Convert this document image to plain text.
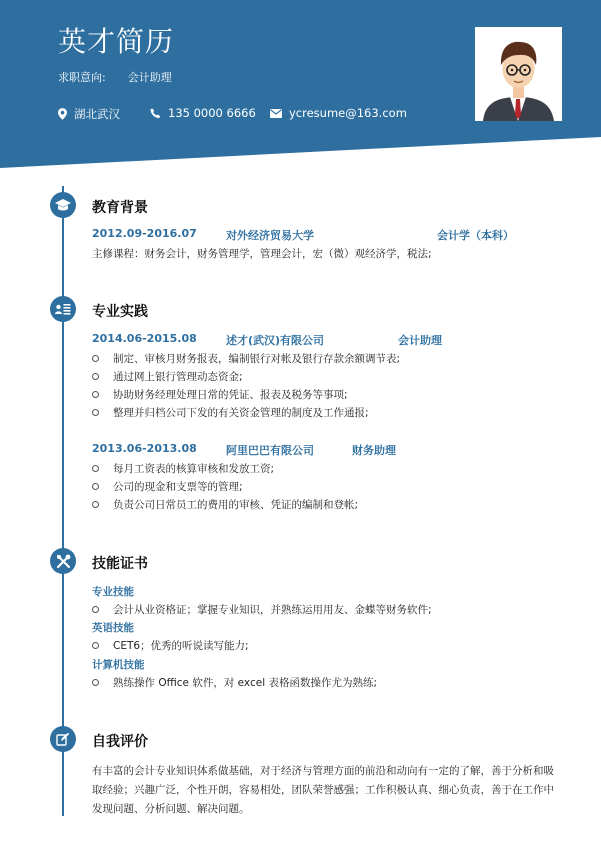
英才简历
求职意向: 会计助理
湖北武汉	135 0000 6666	ycresume@163.com
教育背景
2012.09-2016.07	对外经济贸易大学	会计学（本科）
主修课程：财务会计，财务管理学，管理会计，宏（微）观经济学，税法;
专业实践
2014.06-2015.08	述才(武汉)有限公司	会计助理
制定、审核月财务报表，编制银行对帐及银行存款余额调节表;
通过网上银行管理动态资金;
协助财务经理处理日常的凭证、报表及税务等事项;
整理并归档公司下发的有关资金管理的制度及工作通报;
2013.06-2013.08	阿里巴巴有限公司	财务助理
每月工资表的核算审核和发放工资;
公司的现金和支票等的管理;
负责公司日常员工的费用的审核、凭证的编制和登帐;
技能证书
专业技能
会计从业资格证；掌握专业知识，并熟练运用用友、金蝶等财务软件;
英语技能
CET6；优秀的听说读写能力;
计算机技能
熟练操作 Office 软件，对 excel 表格函数操作尤为熟练;
自我评价
有丰富的会计专业知识体系做基础，对于经济与管理方面的前沿和动向有一定的了解，善于分析和吸取经验；兴趣广泛，个性开朗，容易相处，团队荣誉感强；工作积极认真、细心负责，善于在工作中发现问题、分析问题、解决问题。
